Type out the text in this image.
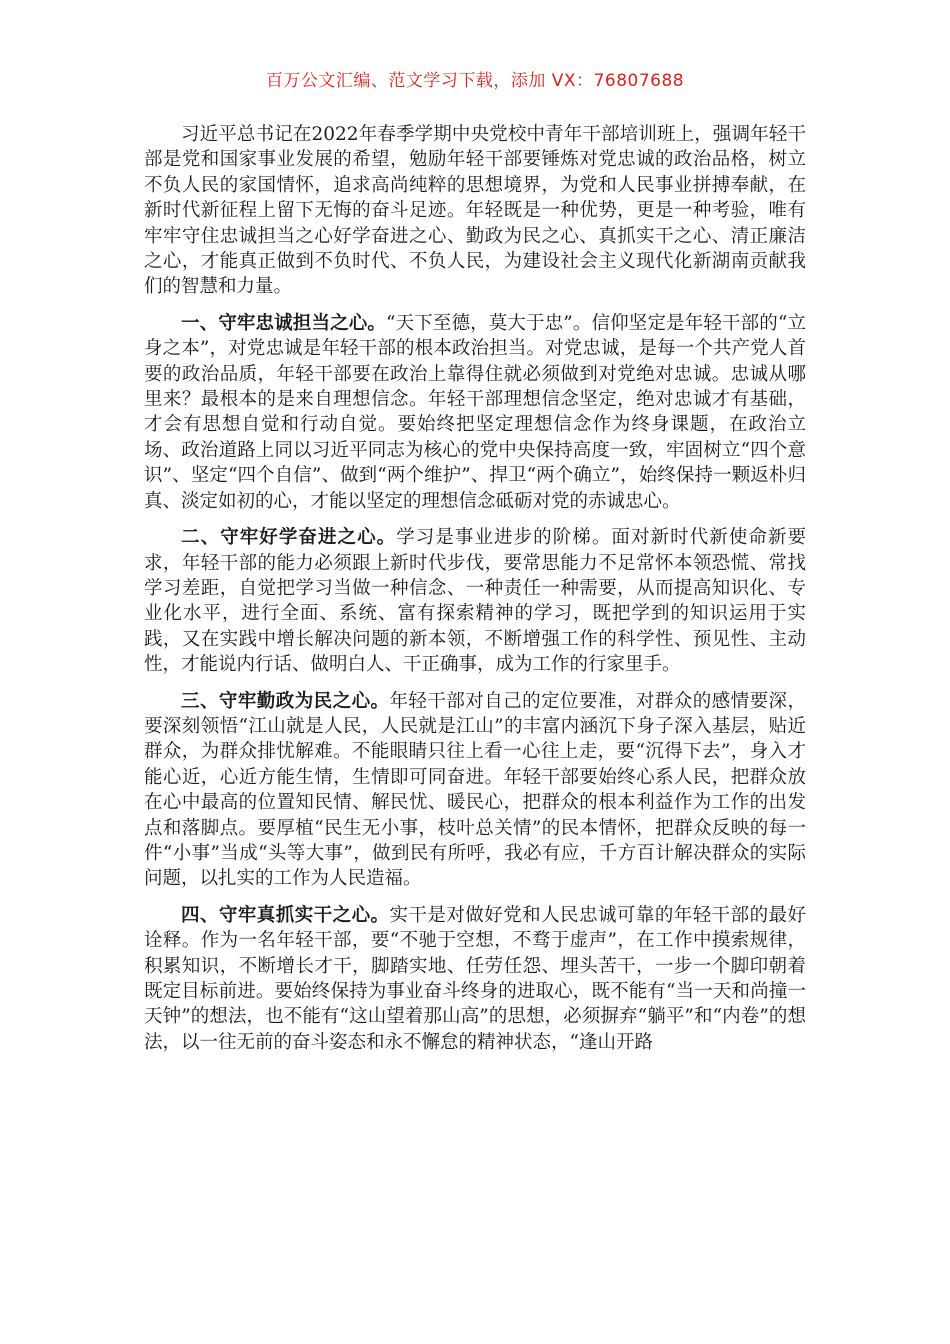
百万公文汇编、范文学习下载，添加 VX：76807688

习近平总书记在2022年春季学期中央党校中青年干部培训班上，强调年轻干部是党和国家事业发展的希望，勉励年轻干部要锤炼对党忠诚的政治品格，树立不负人民的家国情怀，追求高尚纯粹的思想境界，为党和人民事业拼搏奉献，在新时代新征程上留下无悔的奋斗足迹。年轻既是一种优势，更是一种考验，唯有牢牢守住忠诚担当之心好学奋进之心、勤政为民之心、真抓实干之心、清正廉洁之心，才能真正做到不负时代、不负人民，为建设社会主义现代化新湖南贡献我们的智慧和力量。

一、守牢忠诚担当之心。“天下至德，莫大于忠”。信仰坚定是年轻干部的“立身之本”，对党忠诚是年轻干部的根本政治担当。对党忠诚，是每一个共产党人首要的政治品质，年轻干部要在政治上靠得住就必须做到对党绝对忠诚。忠诚从哪里来？最根本的是来自理想信念。年轻干部理想信念坚定，绝对忠诚才有基础，才会有思想自觉和行动自觉。要始终把坚定理想信念作为终身课题，在政治立场、政治道路上同以习近平同志为核心的党中央保持高度一致，牢固树立“四个意识”、坚定“四个自信”、做到“两个维护”、捍卫“两个确立”，始终保持一颗返朴归真、淡定如初的心，才能以坚定的理想信念砥砺对党的赤诚忠心。

二、守牢好学奋进之心。学习是事业进步的阶梯。面对新时代新使命新要求，年轻干部的能力必须跟上新时代步伐，要常思能力不足常怀本领恐慌、常找学习差距，自觉把学习当做一种信念、一种责任一种需要，从而提高知识化、专业化水平，进行全面、系统、富有探索精神的学习，既把学到的知识运用于实践，又在实践中增长解决问题的新本领，不断增强工作的科学性、预见性、主动性，才能说内行话、做明白人、干正确事，成为工作的行家里手。

三、守牢勤政为民之心。年轻干部对自己的定位要准，对群众的感情要深，要深刻领悟“江山就是人民，人民就是江山”的丰富内涵沉下身子深入基层，贴近群众，为群众排忧解难。不能眼睛只往上看一心往上走，要“沉得下去”，身入才能心近，心近方能生情，生情即可同奋进。年轻干部要始终心系人民，把群众放在心中最高的位置知民情、解民忧、暖民心，把群众的根本利益作为工作的出发点和落脚点。要厚植“民生无小事，枝叶总关情”的民本情怀，把群众反映的每一件“小事”当成“头等大事”，做到民有所呼，我必有应，千方百计解决群众的实际问题，以扎实的工作为人民造福。

四、守牢真抓实干之心。实干是对做好党和人民忠诚可靠的年轻干部的最好诠释。作为一名年轻干部，要“不驰于空想，不骛于虚声”，在工作中摸索规律，积累知识，不断增长才干，脚踏实地、任劳任怨、埋头苦干，一步一个脚印朝着既定目标前进。要始终保持为事业奋斗终身的进取心，既不能有“当一天和尚撞一天钟”的想法，也不能有“这山望着那山高”的思想，必须摒弃“躺平”和“内卷”的想法，以一往无前的奋斗姿态和永不懈怠的精神状态，“逢山开路
